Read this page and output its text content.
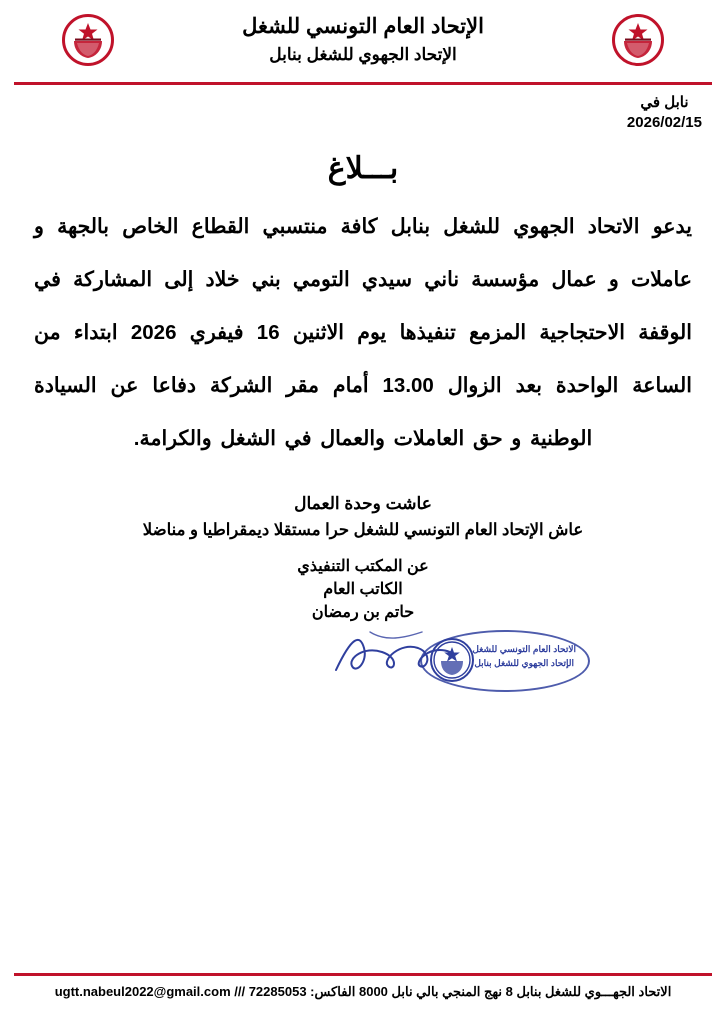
الإتحاد العام التونسي للشغل
الإتحاد الجهوي للشغل بنابل
نابل في
2026/02/15
بـــلاغ

يدعو الاتحاد الجهوي للشغل بنابل كافة منتسبي القطاع الخاص بالجهة و عاملات و عمال مؤسسة ناني سيدي التومي بني خلاد إلى المشاركة في الوقفة الاحتجاجية المزمع تنفيذها يوم الاثنين 16 فيفري 2026 ابتداء من الساعة الواحدة بعد الزوال 13.00 أمام مقر الشركة دفاعا عن السيادة الوطنية و حق العاملات والعمال في الشغل والكرامة.

عاشت وحدة العمال
عاش الإتحاد العام التونسي للشغل حرا مستقلا ديمقراطيا و مناضلا
عن المكتب التنفيذي
الكاتب العام
حاتم بن رمضان
الاتحاد العام التونسي للشغل
الإتحاد الجهوي للشغل بنابل
الاتحاد الجهـــوي للشغل بنابل 8 نهج المنجي بالي نابل 8000 الفاكس: 72285053 /// ugtt.nabeul2022@gmail.com
